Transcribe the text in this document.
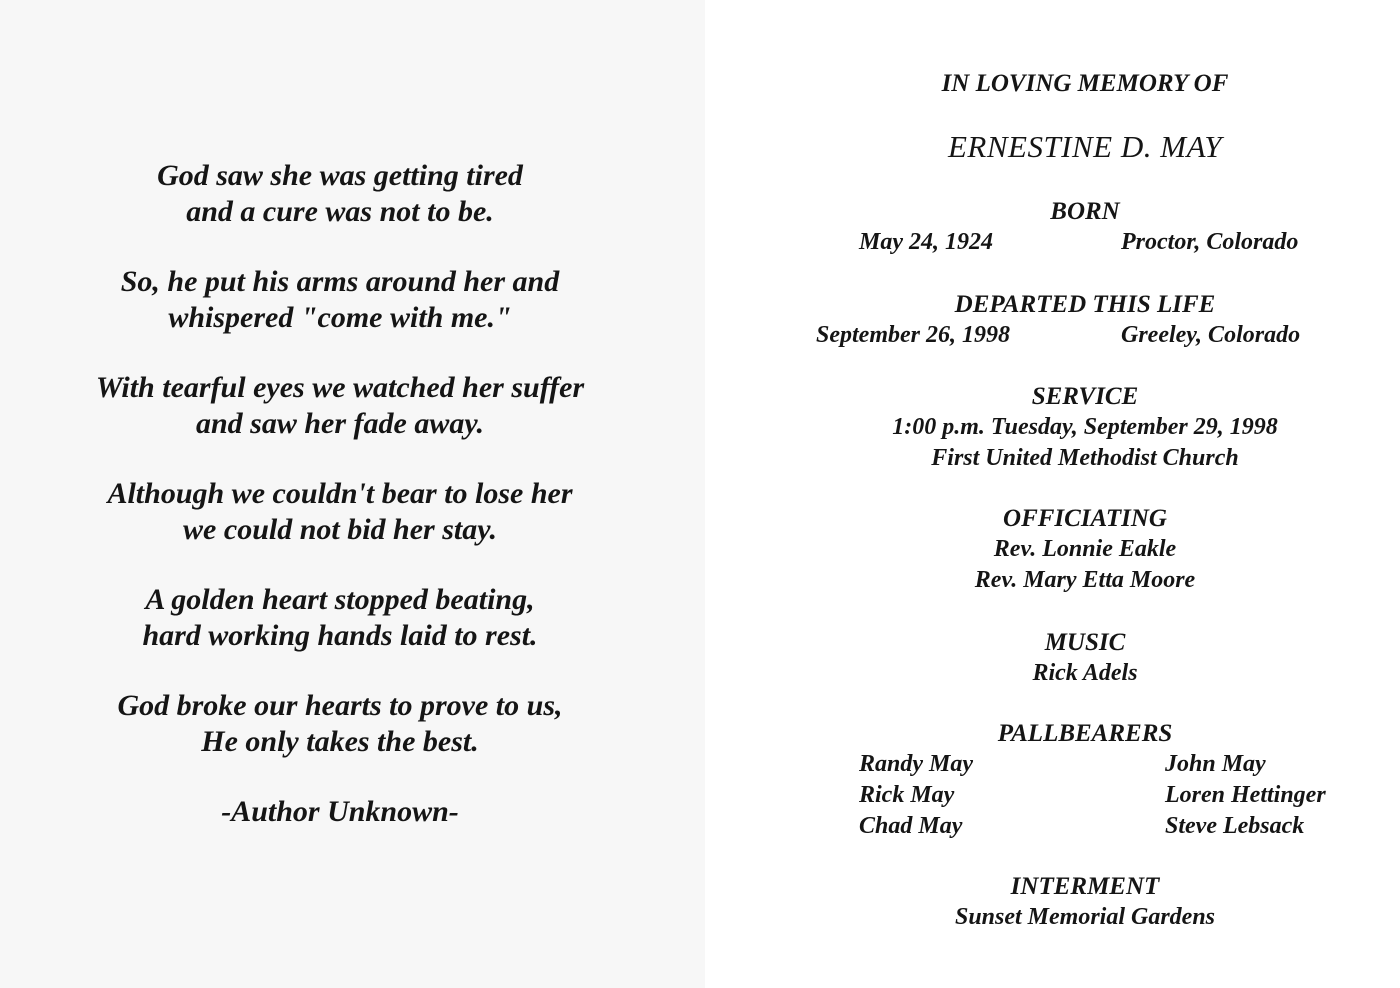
God saw she was getting tired
and a cure was not to be.
So, he put his arms around her and
whispered "come with me."
With tearful eyes we watched her suffer
and saw her fade away.
Although we couldn't bear to lose her
we could not bid her stay.
A golden heart stopped beating,
hard working hands laid to rest.
God broke our hearts to prove to us,
He only takes the best.
-Author Unknown-
IN LOVING MEMORY OF
ERNESTINE D. MAY
BORN
May 24, 1924	Proctor, Colorado
DEPARTED THIS LIFE
September 26, 1998	Greeley, Colorado
SERVICE
1:00 p.m. Tuesday, September 29, 1998
First United Methodist Church
OFFICIATING
Rev. Lonnie Eakle
Rev. Mary Etta Moore
MUSIC
Rick Adels
PALLBEARERS
Randy May
Rick May
Chad May
John May
Loren Hettinger
Steve Lebsack
INTERMENT
Sunset Memorial Gardens
